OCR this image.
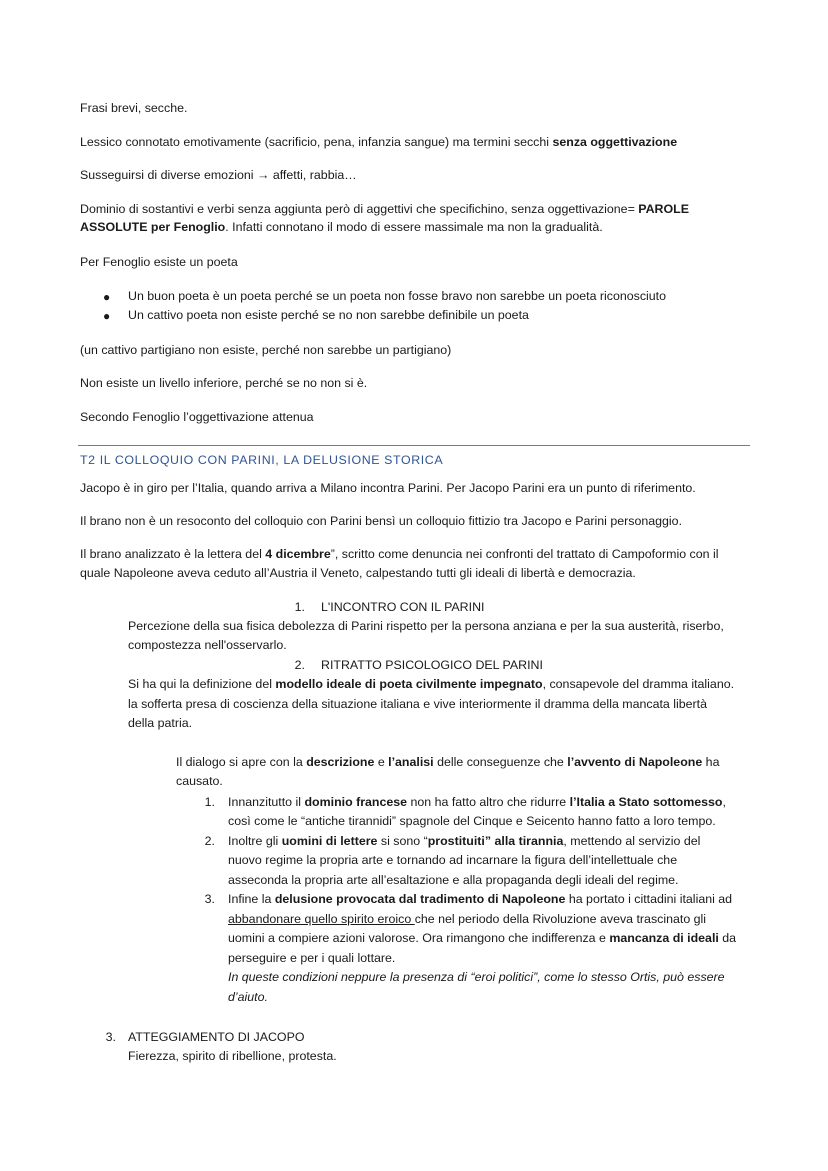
Frasi brevi, secche.
Lessico connotato emotivamente (sacrificio, pena, infanzia sangue) ma termini secchi senza oggettivazione
Susseguirsi di diverse emozioni → affetti, rabbia…
Dominio di sostantivi e verbi senza aggiunta però di aggettivi che specifichino, senza oggettivazione= PAROLE
ASSOLUTE per Fenoglio. Infatti connotano il modo di essere massimale ma non la gradualità.
Per Fenoglio esiste un poeta
● Un buon poeta è un poeta perché se un poeta non fosse bravo non sarebbe un poeta riconosciuto
● Un cattivo poeta non esiste perché se no non sarebbe definibile un poeta
(un cattivo partigiano non esiste, perché non sarebbe un partigiano)
Non esiste un livello inferiore, perché se no non si è.
Secondo Fenoglio l’oggettivazione attenua
T2 IL COLLOQUIO CON PARINI, LA DELUSIONE STORICA
Jacopo è in giro per l’Italia, quando arriva a Milano incontra Parini. Per Jacopo Parini era un punto di riferimento.
Il brano non è un resoconto del colloquio con Parini bensì un colloquio fittizio tra Jacopo e Parini personaggio.
Il brano analizzato è la lettera del 4 dicembre”, scritto come denuncia nei confronti del trattato di Campoformio con il
quale Napoleone aveva ceduto all’Austria il Veneto, calpestando tutti gli ideali di libertà e democrazia.
1. L'INCONTRO CON IL PARINI
Percezione della sua fisica debolezza di Parini rispetto per la persona anziana e per la sua austerità, riserbo,
compostezza nell'osservarlo.
2. RITRATTO PSICOLOGICO DEL PARINI
Si ha qui la definizione del modello ideale di poeta civilmente impegnato, consapevole del dramma italiano.
la sofferta presa di coscienza della situazione italiana e vive interiormente il dramma della mancata libertà
della patria.
Il dialogo si apre con la descrizione e l’analisi delle conseguenze che l’avvento di Napoleone ha
causato.
1. Innanzitutto il dominio francese non ha fatto altro che ridurre l’Italia a Stato sottomesso,
così come le “antiche tirannidi” spagnole del Cinque e Seicento hanno fatto a loro tempo.
2. Inoltre gli uomini di lettere si sono “prostituiti” alla tirannia, mettendo al servizio del
nuovo regime la propria arte e tornando ad incarnare la figura dell’intellettuale che
asseconda la propria arte all’esaltazione e alla propaganda degli ideali del regime.
3. Infine la delusione provocata dal tradimento di Napoleone ha portato i cittadini italiani ad
abbandonare quello spirito eroico che nel periodo della Rivoluzione aveva trascinato gli
uomini a compiere azioni valorose. Ora rimangono che indifferenza e mancanza di ideali da
perseguire e per i quali lottare.
In queste condizioni neppure la presenza di “eroi politici”, come lo stesso Ortis, può essere
d’aiuto.
3. ATTEGGIAMENTO DI JACOPO
Fierezza, spirito di ribellione, protesta.
